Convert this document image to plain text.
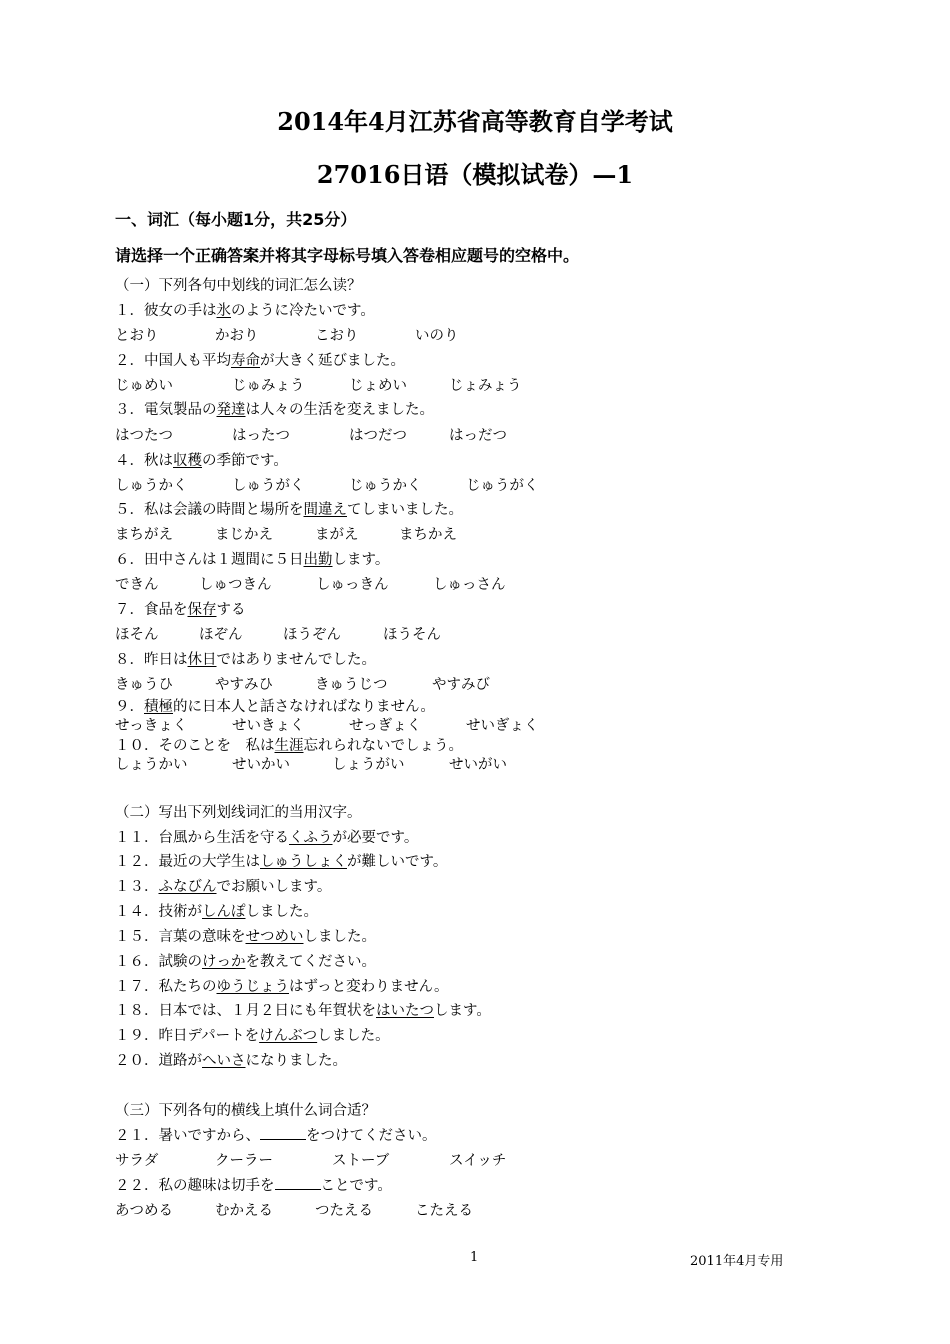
2014年4月江苏省高等教育自学考试
27016日语（模拟试卷）—1
一、词汇（每小题1分，共25分）
请选择一个正确答案并将其字母标号填入答卷相应题号的空格中。
（一）下列各句中划线的词汇怎么读？
１．彼女の手は氷のように冷たいです。
とおり	かおり	こおり	いのり
２．中国人も平均寿命が大きく延びました。
じゅめい	じゅみょう	じょめい	じょみょう
３．電気製品の発達は人々の生活を変えました。
はつたつ	はったつ	はつだつ	はっだつ
４．秋は収穫の季節です。
しゅうかく	しゅうがく	じゅうかく	じゅうがく
５．私は会議の時間と場所を間違えてしまいました。
まちがえ	まじかえ	まがえ	まちかえ
６．田中さんは１週間に５日出勤します。
できん	しゅつきん	しゅっきん	しゅっさん
７．食品を保存する
ほそん	ほぞん	ほうぞん	ほうそん
８．昨日は休日ではありませんでした。
きゅうひ	やすみひ	きゅうじつ	やすみび
９．積極的に日本人と話さなければなりません。
せっきょく	せいきょく	せっぎょく	せいぎょく
１０．そのことを　私は生涯忘れられないでしょう。
しょうかい	せいかい	しょうがい	せいがい
（二）写出下列划线词汇的当用汉字。
１１．台風から生活を守るくふうが必要です。
１２．最近の大学生はしゅうしょくが難しいです。
１３．ふなびんでお願いします。
１４．技術がしんぽしました。
１５．言葉の意味をせつめいしました。
１６．試験のけっかを教えてください。
１７．私たちのゆうじょうはずっと変わりません。
１８．日本では、１月２日にも年賀状をはいたつします。
１９．昨日デパートをけんぶつしました。
２０．道路がへいさになりました。
（三）下列各句的横线上填什么词合适？
２１．暑いですから、	をつけてください。
サラダ	クーラー	ストーブ	スイッチ
２２．私の趣味は切手を	ことです。
あつめる	むかえる	つたえる	こたえる
1	2011年4月专用
